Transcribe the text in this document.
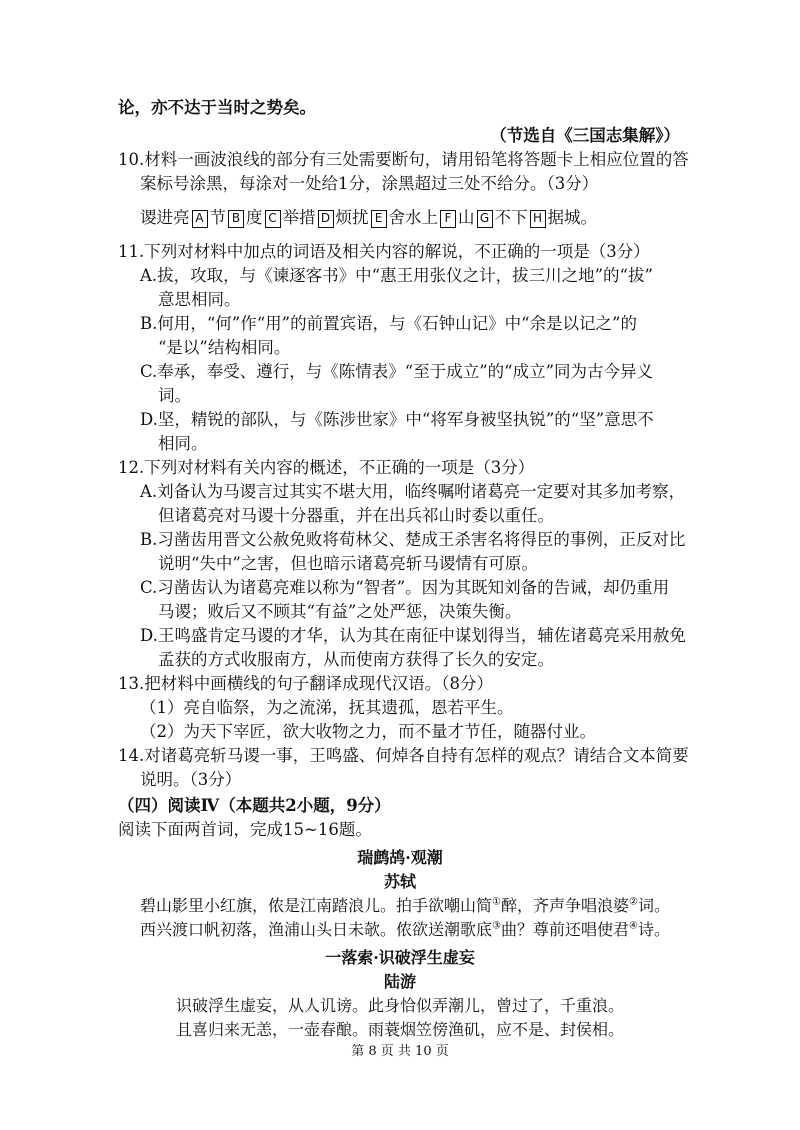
论，亦不达于当时之势矣。
（节选自《三国志集解》）
10.材料一画波浪线的部分有三处需要断句，请用铅笔将答题卡上相应位置的答
案标号涂黑，每涂对一处给1分，涂黑超过三处不给分。（3分）
谡进亮 A 节 B 度 C 举措 D 烦扰 E 舍水上 F 山 G 不下 H 据城。
11.下列对材料中加点的词语及相关内容的解说，不正确的一项是（3分）
A.拔，攻取，与《谏逐客书》中“惠王用张仪之计，拔三川之地”的“拔”
意思相同。
B.何用，“何”作“用”的前置宾语，与《石钟山记》中“余是以记之”的
“是以”结构相同。
C.奉承，奉受、遵行，与《陈情表》“至于成立”的“成立”同为古今异义
词。
D.坚，精锐的部队，与《陈涉世家》中“将军身被坚执锐”的“坚”意思不
相同。
12.下列对材料有关内容的概述，不正确的一项是（3分）
A.刘备认为马谡言过其实不堪大用，临终嘱咐诸葛亮一定要对其多加考察，
但诸葛亮对马谡十分器重，并在出兵祁山时委以重任。
B.习凿齿用晋文公赦免败将荀林父、楚成王杀害名将得臣的事例，正反对比
说明“失中”之害，但也暗示诸葛亮斩马谡情有可原。
C.习凿齿认为诸葛亮难以称为“智者”。因为其既知刘备的告诫，却仍重用
马谡；败后又不顾其“有益”之处严惩，决策失衡。
D.王鸣盛肯定马谡的才华，认为其在南征中谋划得当，辅佐诸葛亮采用赦免
孟获的方式收服南方，从而使南方获得了长久的安定。
13.把材料中画横线的句子翻译成现代汉语。（8分）
（1）亮自临祭，为之流涕，抚其遗孤，恩若平生。
（2）为天下宰匠，欲大收物之力，而不量才节任，随器付业。
14.对诸葛亮斩马谡一事，王鸣盛、何焯各自持有怎样的观点？请结合文本简要
说明。（3分）
（四）阅读Ⅳ（本题共2小题，9分）
阅读下面两首词，完成15~16题。
瑞鹧鸪·观潮
苏轼
碧山影里小红旗，侬是江南踏浪儿。拍手欲嘲山简①醉，齐声争唱浪婆②词。
西兴渡口帆初落，渔浦山头日未欹。侬欲送潮歌底③曲？尊前还唱使君④诗。
一落索·识破浮生虚妄
陆游
识破浮生虚妄，从人讥谤。此身恰似弄潮儿，曾过了，千重浪。
且喜归来无恙，一壶春酿。雨蓑烟笠傍渔矶，应不是、封侯相。
第 8 页 共 10 页
